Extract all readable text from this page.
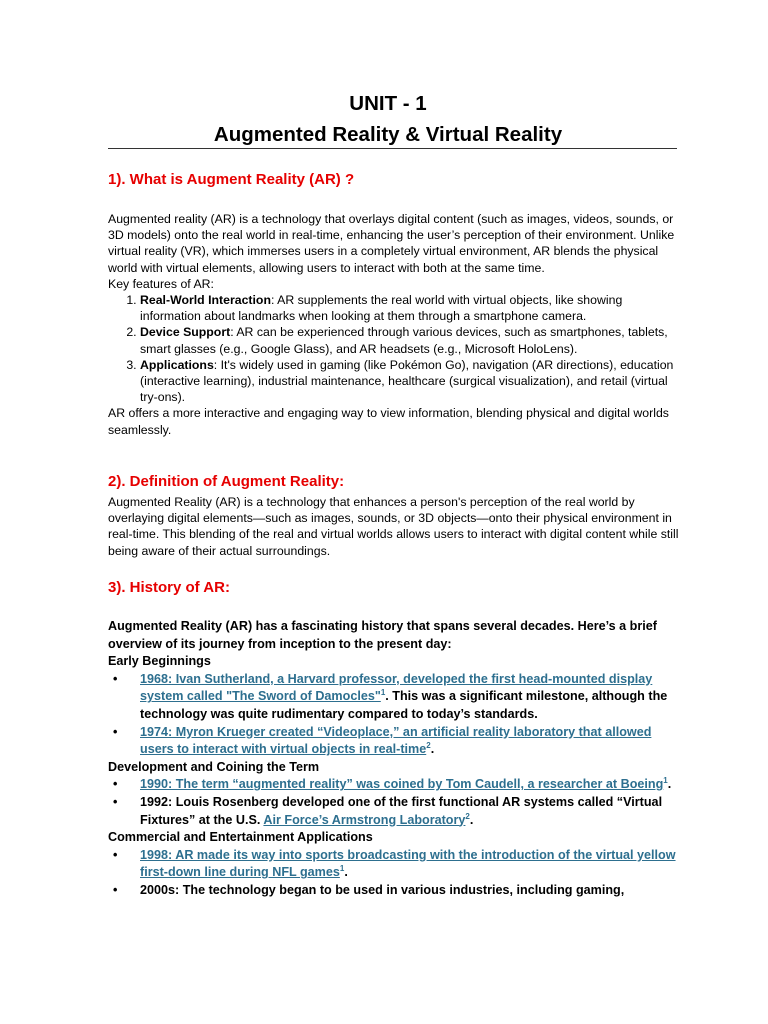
UNIT - 1

Augmented Reality & Virtual Reality

1). What is Augment Reality (AR) ?

Augmented reality (AR) is a technology that overlays digital content (such as images, videos, sounds, or 3D models) onto the real world in real-time, enhancing the user’s perception of their environment. Unlike virtual reality (VR), which immerses users in a completely virtual environment, AR blends the physical world with virtual elements, allowing users to interact with both at the same time.

Key features of AR:

1. Real-World Interaction: AR supplements the real world with virtual objects, like showing information about landmarks when looking at them through a smartphone camera.
2. Device Support: AR can be experienced through various devices, such as smartphones, tablets, smart glasses (e.g., Google Glass), and AR headsets (e.g., Microsoft HoloLens).
3. Applications: It's widely used in gaming (like Pokémon Go), navigation (AR directions), education (interactive learning), industrial maintenance, healthcare (surgical visualization), and retail (virtual try-ons).

AR offers a more interactive and engaging way to view information, blending physical and digital worlds seamlessly.

2). Definition of Augment Reality:

Augmented Reality (AR) is a technology that enhances a person's perception of the real world by overlaying digital elements—such as images, sounds, or 3D objects—onto their physical environment in real-time. This blending of the real and virtual worlds allows users to interact with digital content while still being aware of their actual surroundings.

3). History of AR:

Augmented Reality (AR) has a fascinating history that spans several decades. Here’s a brief overview of its journey from inception to the present day:

Early Beginnings

• 1968: Ivan Sutherland, a Harvard professor, developed the first head-mounted display system called "The Sword of Damocles"$^1$. This was a significant milestone, although the technology was quite rudimentary compared to today’s standards.
• 1974: Myron Krueger created “Videoplace,” an artificial reality laboratory that allowed users to interact with virtual objects in real-time$^2$.

Development and Coining the Term

• 1990: The term “augmented reality” was coined by Tom Caudell, a researcher at Boeing$^1$.
• 1992: Louis Rosenberg developed one of the first functional AR systems called “Virtual Fixtures” at the U.S. Air Force’s Armstrong Laboratory$^2$.

Commercial and Entertainment Applications

• 1998: AR made its way into sports broadcasting with the introduction of the virtual yellow first-down line during NFL games$^1$.
• 2000s: The technology began to be used in various industries, including gaming,
